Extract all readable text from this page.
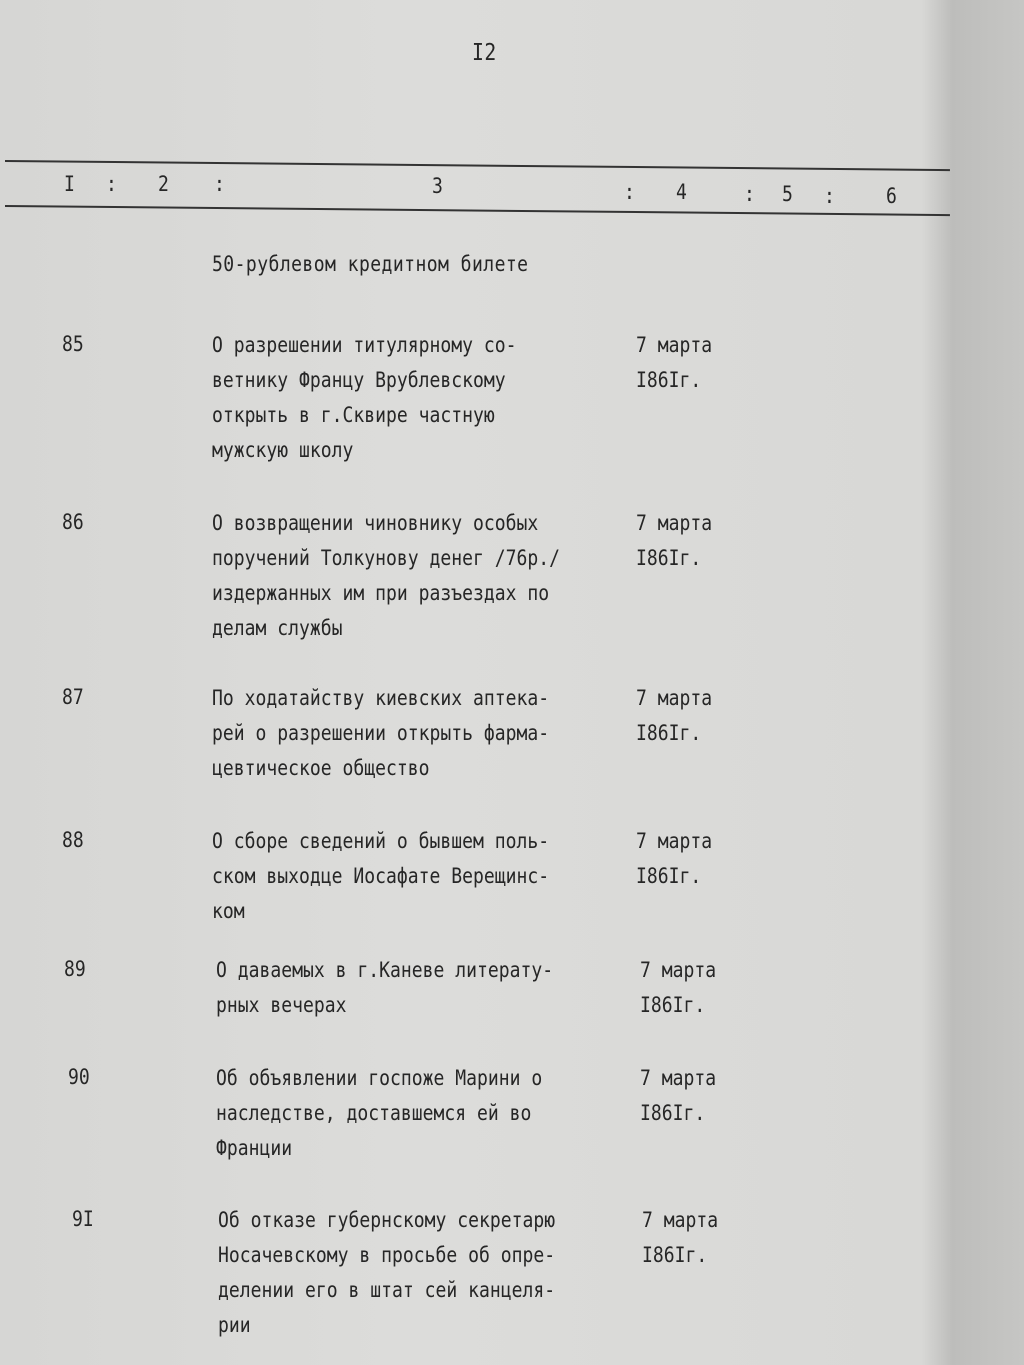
I2
I : 2 :	3	: 4	: 5 : 6
50-рублевом кредитном билете
85	О разрешении титулярному со-
ветнику Францу Врублевскому
открыть в г.Сквире частную
мужскую школу
7 марта
I86Iг.
86	О возвращении чиновнику особых
поручений Толкунову денег /76р./
издержанных им при разъездах по
делам службы
7 марта
I86Iг.
87	По ходатайству киевских аптека-
рей о разрешении открыть фарма-
цевтическое общество
7 марта
I86Iг.
88	О сборе сведений о бывшем поль-
ском выходце Иосафате Верещинс-
ком
7 марта
I86Iг.
89	О даваемых в г.Каневе литерату-
рных вечерах
7 марта
I86Iг.
90	Об объявлении госпоже Марини о
наследстве, доставшемся ей во
Франции
7 марта
I86Iг.
9I	Об отказе губернскому секретарю
Носачевскому в просьбе об опре-
делении его в штат сей канцеля-
рии
7 марта
I86Iг.
